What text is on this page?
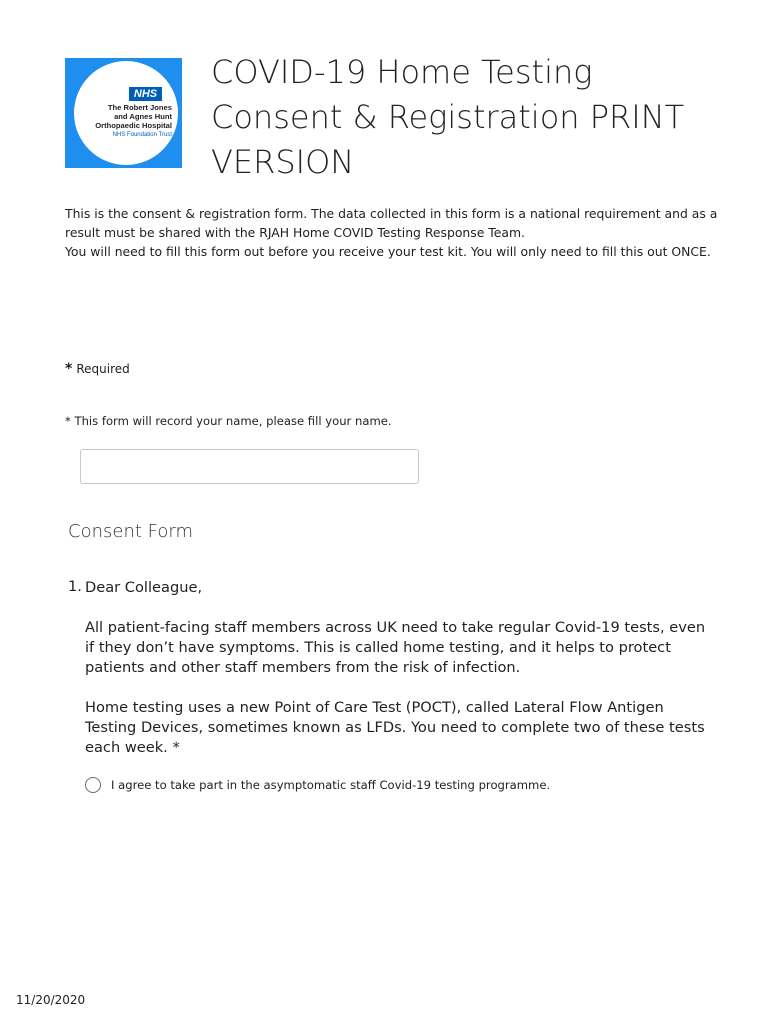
NHS
The Robert Jones
and Agnes Hunt
Orthopaedic Hospital
NHS Foundation Trust
COVID-19 Home Testing Consent & Registration PRINT VERSION

This is the consent & registration form. The data collected in this form is a national requirement and as a result must be shared with the RJAH Home COVID Testing Response Team.

You will need to fill this form out before you receive your test kit. You will only need to fill this out ONCE.

* Required
* This form will record your name, please fill your name.
Consent Form
1. Dear Colleague,

All patient-facing staff members across UK need to take regular Covid-19 tests, even if they don’t have symptoms. This is called home testing, and it helps to protect patients and other staff members from the risk of infection.

Home testing uses a new Point of Care Test (POCT), called Lateral Flow Antigen Testing Devices, sometimes known as LFDs. You need to complete two of these tests each week. *

I agree to take part in the asymptomatic staff Covid-19 testing programme.
11/20/2020
